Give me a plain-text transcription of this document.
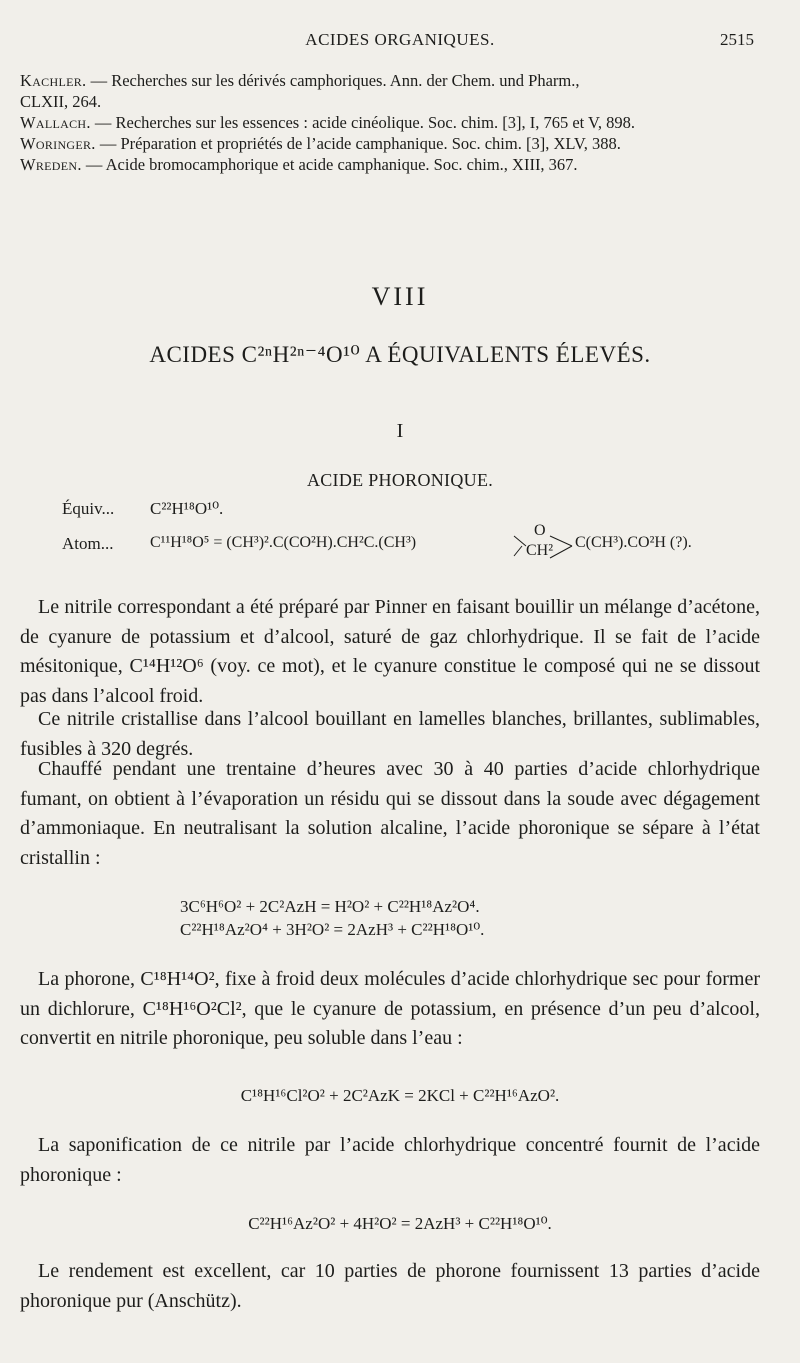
ACIDES ORGANIQUES.	2515
Kachler. — Recherches sur les dérivés camphoriques. Ann. der Chem. und Pharm.,
CLXII, 264.
Wallach. — Recherches sur les essences : acide cinéolique. Soc. chim. [3], I, 765 et V, 898.
Woringer. — Préparation et propriétés de l’acide camphanique. Soc. chim. [3], XLV, 388.
Wreden. — Acide bromocamphorique et acide camphanique. Soc. chim., XIII, 367.
VIII
ACIDES C²ⁿH²ⁿ⁻⁴O¹⁰ A ÉQUIVALENTS ÉLEVÉS.
I
ACIDE PHORONIQUE.
Équiv... C²²H¹⁸O¹⁰.
Atom... C¹¹H¹⁸O⁵ = (CH³)².C(CO²H).CH²C.(CH³)
O
CH² C(CH³).CO²H (?).

Le nitrile correspondant a été préparé par Pinner en faisant bouillir un mélange d’acétone, de cyanure de potassium et d’alcool, saturé de gaz chlorhydrique. Il se fait de l’acide mésitonique, C¹⁴H¹²O⁶ (voy. ce mot), et le cyanure constitue le composé qui ne se dissout pas dans l’alcool froid.

Ce nitrile cristallise dans l’alcool bouillant en lamelles blanches, brillantes, sublimables, fusibles à 320 degrés.

Chauffé pendant une trentaine d’heures avec 30 à 40 parties d’acide chlorhydrique fumant, on obtient à l’évaporation un résidu qui se dissout dans la soude avec dégagement d’ammoniaque. En neutralisant la solution alcaline, l’acide phoronique se sépare à l’état cristallin :

3C⁶H⁶O² + 2C²AzH = H²O² + C²²H¹⁸Az²O⁴.
C²²H¹⁸Az²O⁴ + 3H²O² = 2AzH³ + C²²H¹⁸O¹⁰.

La phorone, C¹⁸H¹⁴O², fixe à froid deux molécules d’acide chlorhydrique sec pour former un dichlorure, C¹⁸H¹⁶O²Cl², que le cyanure de potassium, en présence d’un peu d’alcool, convertit en nitrile phoronique, peu soluble dans l’eau :

C¹⁸H¹⁶Cl²O² + 2C²AzK = 2KCl + C²²H¹⁶AzO².

La saponification de ce nitrile par l’acide chlorhydrique concentré fournit de l’acide phoronique :

C²²H¹⁶Az²O² + 4H²O² = 2AzH³ + C²²H¹⁸O¹⁰.

Le rendement est excellent, car 10 parties de phorone fournissent 13 parties d’acide phoronique pur (Anschütz).
